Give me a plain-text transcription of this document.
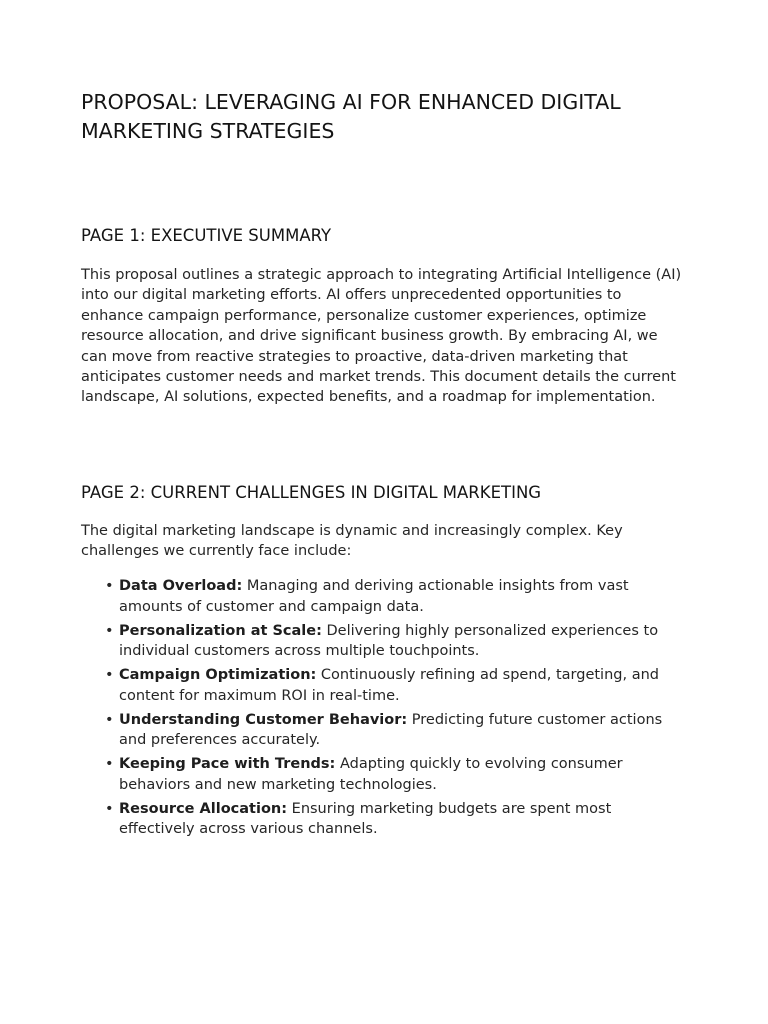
PROPOSAL: LEVERAGING AI FOR ENHANCED DIGITAL MARKETING STRATEGIES
PAGE 1: EXECUTIVE SUMMARY

This proposal outlines a strategic approach to integrating Artificial Intelligence (AI) into our digital marketing efforts. AI offers unprecedented opportunities to enhance campaign performance, personalize customer experiences, optimize resource allocation, and drive significant business growth. By embracing AI, we can move from reactive strategies to proactive, data-driven marketing that anticipates customer needs and market trends. This document details the current landscape, AI solutions, expected benefits, and a roadmap for implementation.

PAGE 2: CURRENT CHALLENGES IN DIGITAL MARKETING

The digital marketing landscape is dynamic and increasingly complex. Key challenges we currently face include:

• Data Overload: Managing and deriving actionable insights from vast amounts of customer and campaign data.
• Personalization at Scale: Delivering highly personalized experiences to individual customers across multiple touchpoints.
• Campaign Optimization: Continuously refining ad spend, targeting, and content for maximum ROI in real-time.
• Understanding Customer Behavior: Predicting future customer actions and preferences accurately.
• Keeping Pace with Trends: Adapting quickly to evolving consumer behaviors and new marketing technologies.
• Resource Allocation: Ensuring marketing budgets are spent most effectively across various channels.
